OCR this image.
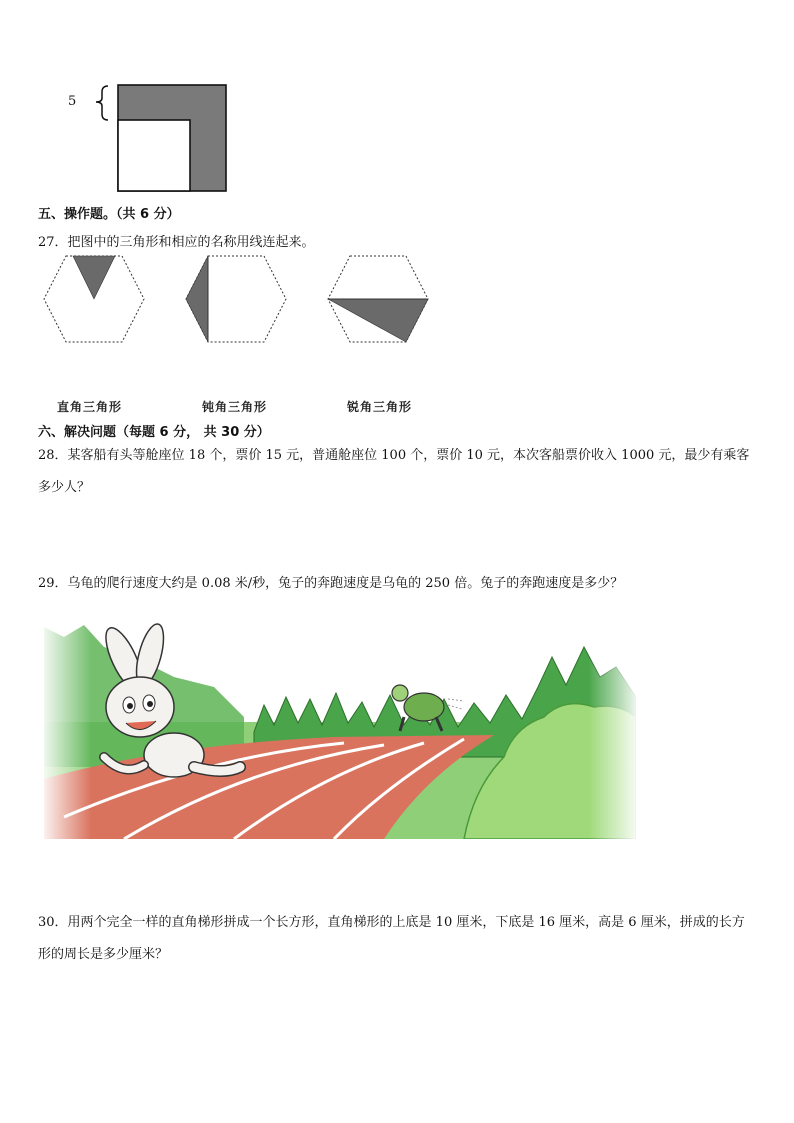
5
五、操作题。（共 6 分）
27．把图中的三角形和相应的名称用线连起来。
直角三角形	钝角三角形	锐角三角形
六、解决问题（每题 6 分， 共 30 分）
28．某客船有头等舱座位 18 个，票价 15 元，普通舱座位 100 个，票价 10 元，本次客船票价收入 1000 元，最少有乘客多少人？
29．乌龟的爬行速度大约是 0.08 米/秒，兔子的奔跑速度是乌龟的 250 倍。兔子的奔跑速度是多少？
30．用两个完全一样的直角梯形拼成一个长方形，直角梯形的上底是 10 厘米，下底是 16 厘米，高是 6 厘米，拼成的长方形的周长是多少厘米？
